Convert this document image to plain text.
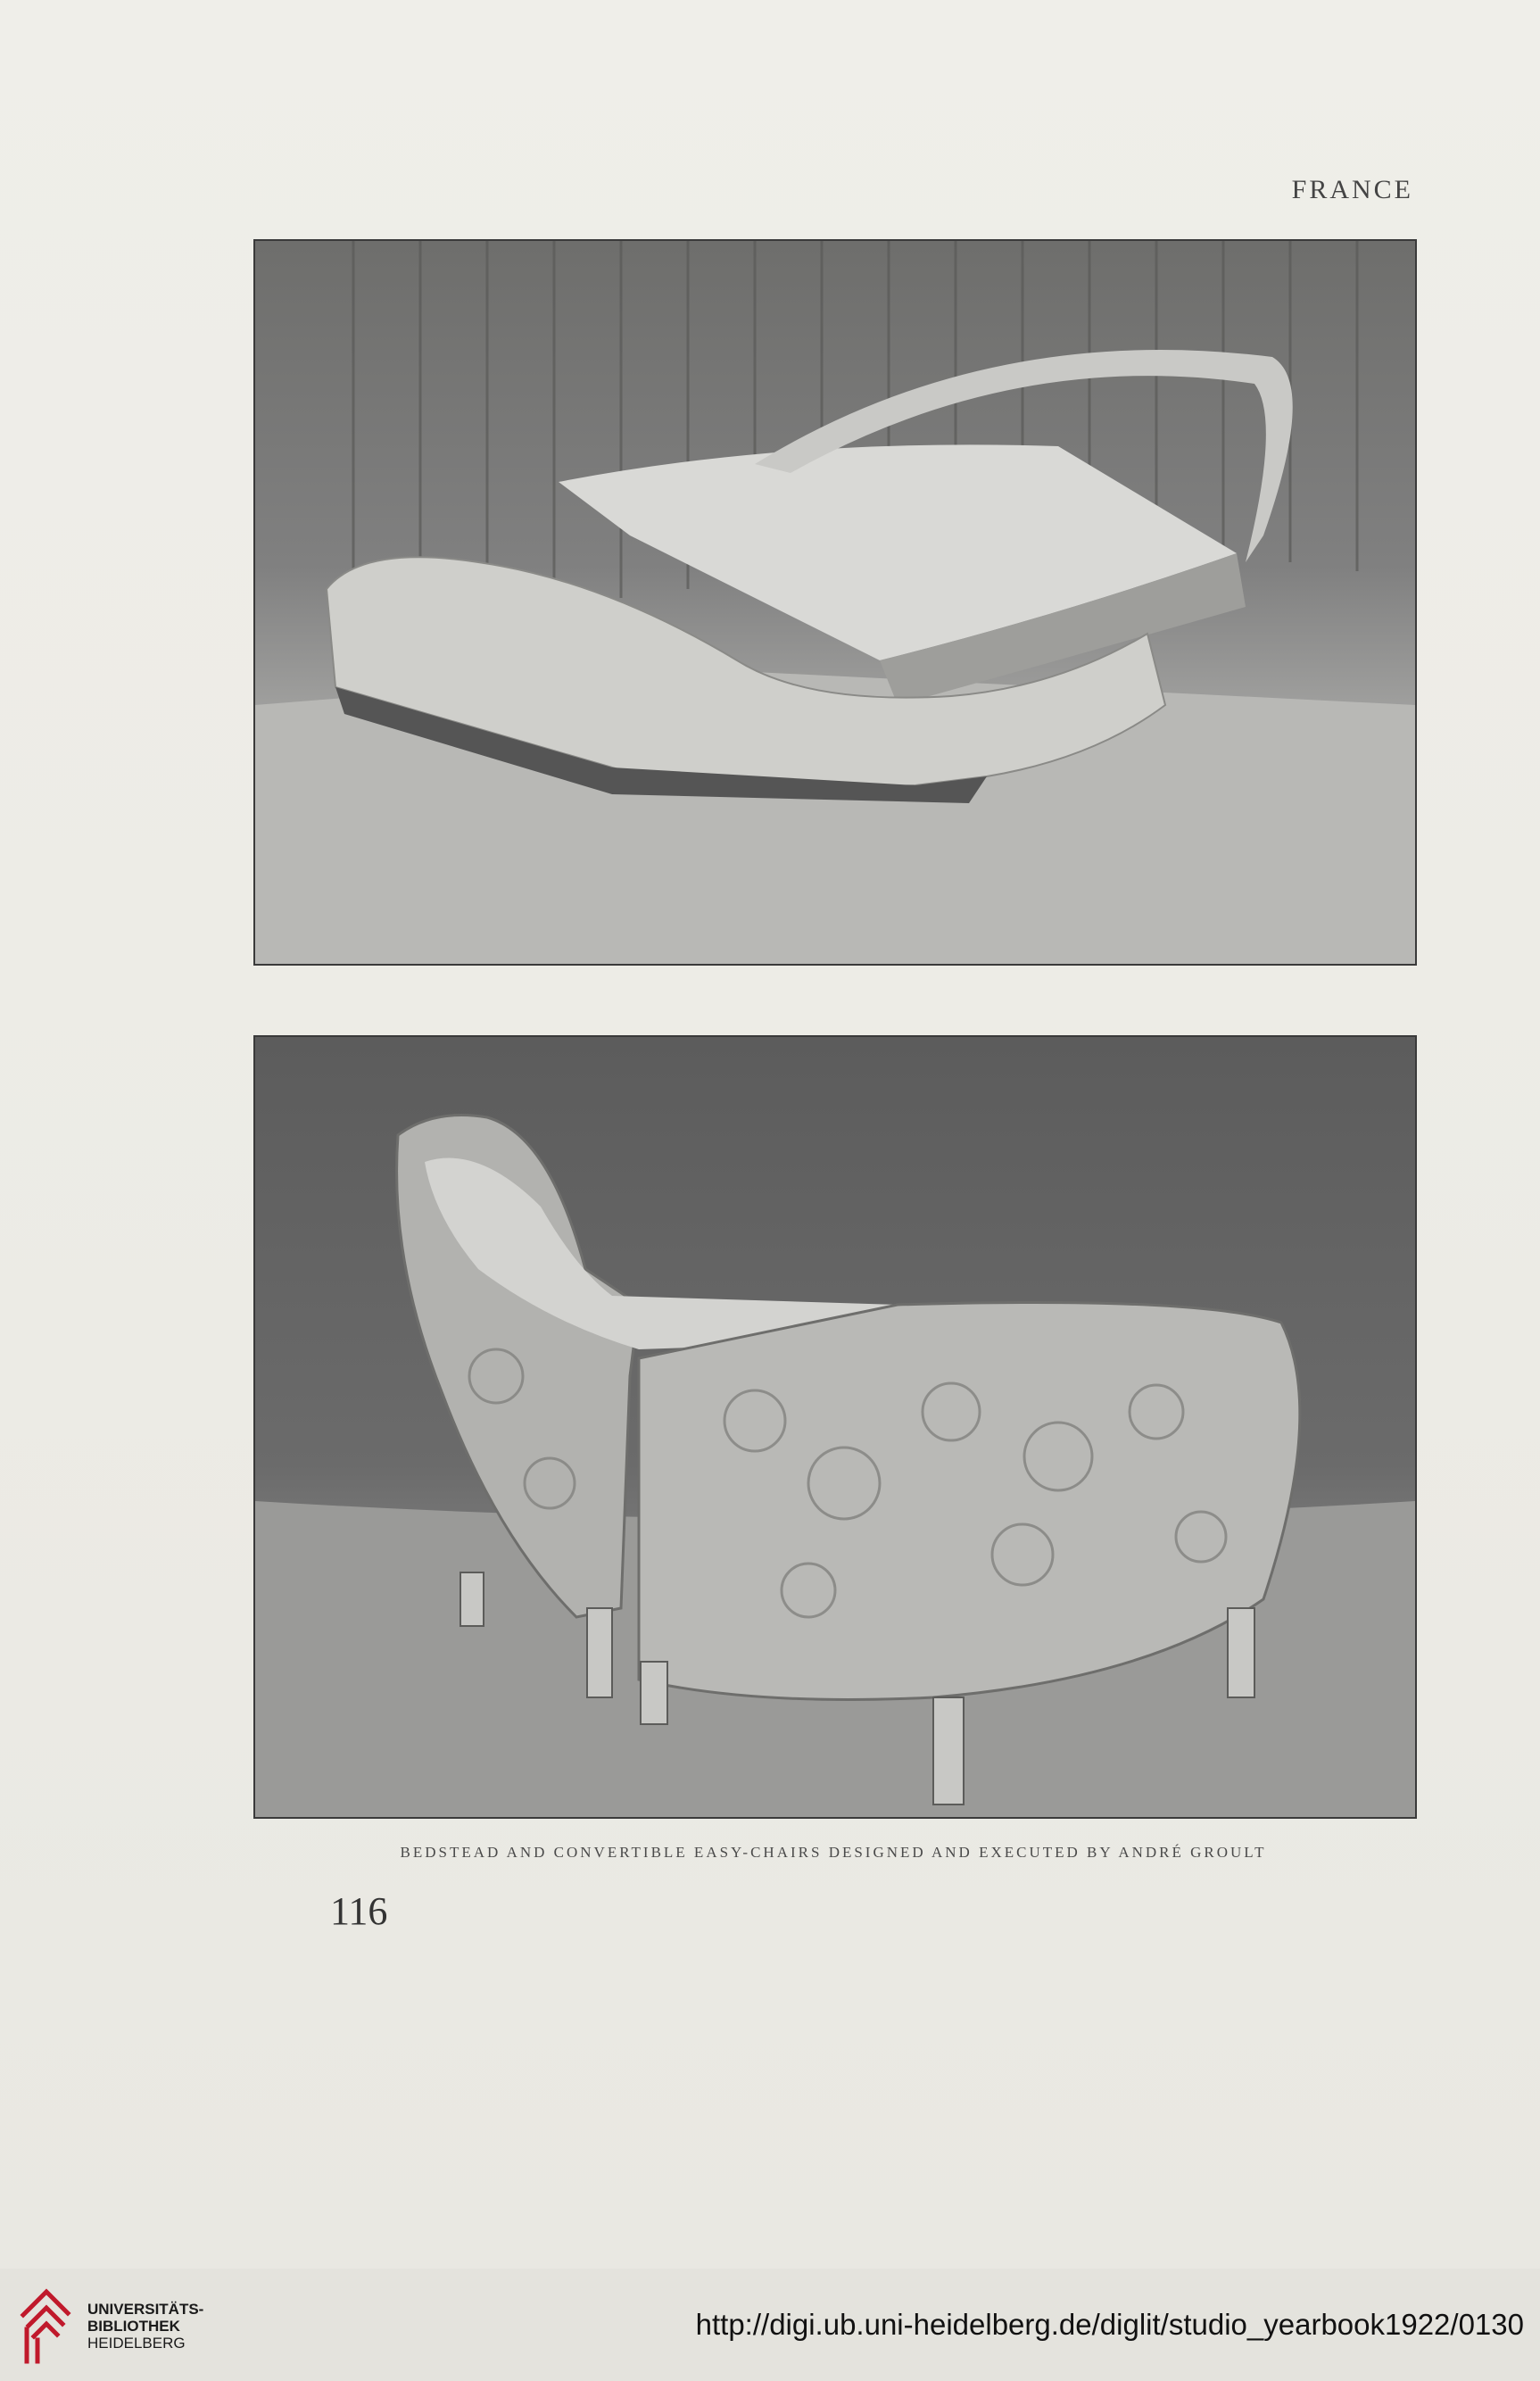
FRANCE

BEDSTEAD AND CONVERTIBLE EASY-CHAIRS DESIGNED AND EXECUTED BY ANDRÉ GROULT

116

UNIVERSITÄTS-
BIBLIOTHEK
HEIDELBERG
http://digi.ub.uni-heidelberg.de/diglit/studio_yearbook1922/0130
